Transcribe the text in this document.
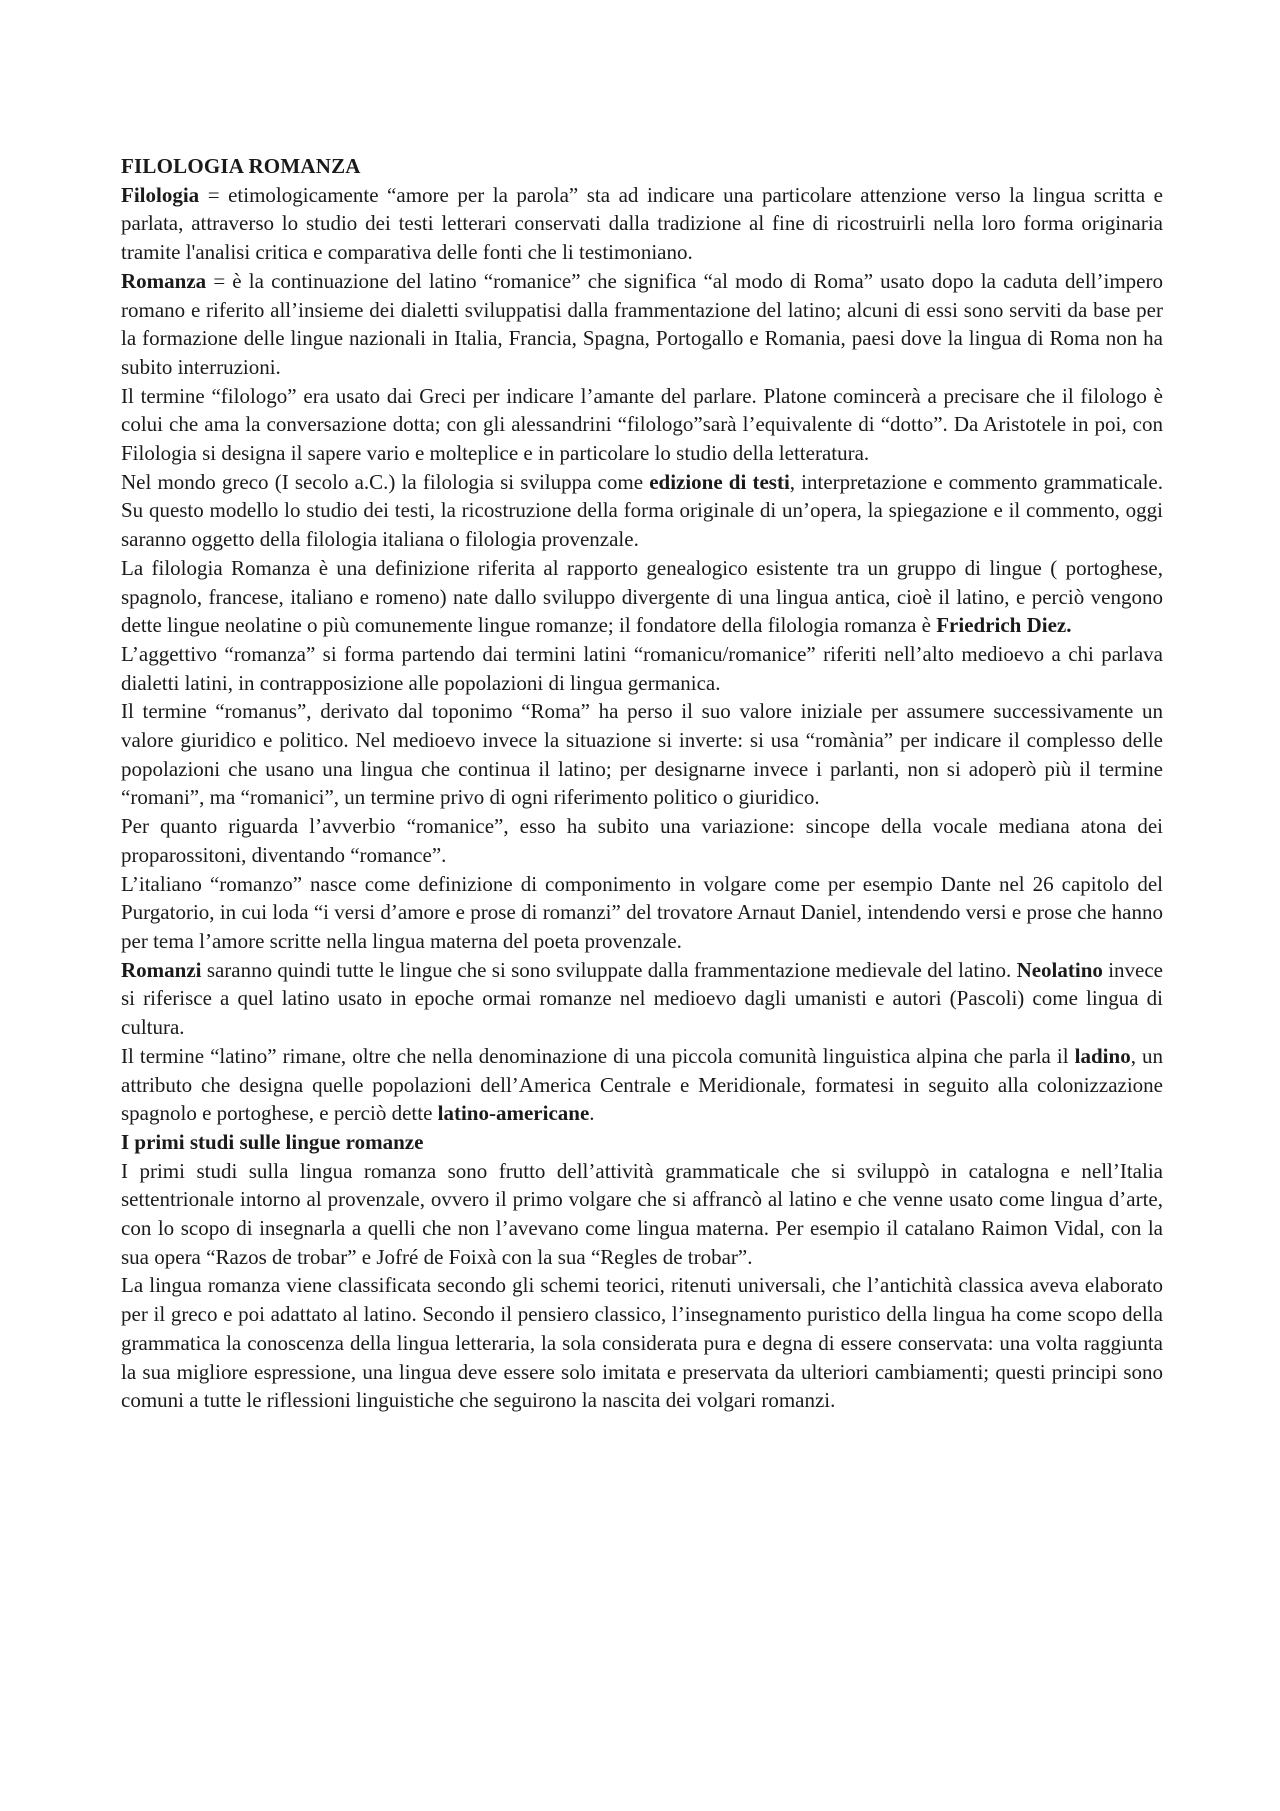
FILOLOGIA ROMANZA

Filologia = etimologicamente “amore per la parola” sta ad indicare una particolare attenzione verso la lingua scritta e parlata, attraverso lo studio dei testi letterari conservati dalla tradizione al fine di ricostruirli nella loro forma originaria tramite l'analisi critica e comparativa delle fonti che li testimoniano.

Romanza = è la continuazione del latino “romanice” che significa “al modo di Roma” usato dopo la caduta dell’impero romano e riferito all’insieme dei dialetti sviluppatisi dalla frammentazione del latino; alcuni di essi sono serviti da base per la formazione delle lingue nazionali in Italia, Francia, Spagna, Portogallo e Romania, paesi dove la lingua di Roma non ha subito interruzioni.

Il termine “filologo” era usato dai Greci per indicare l’amante del parlare. Platone comincerà a precisare che il filologo è colui che ama la conversazione dotta; con gli alessandrini “filologo”sarà l’equivalente di “dotto”. Da Aristotele in poi, con Filologia si designa il sapere vario e molteplice e in particolare lo studio della letteratura.

Nel mondo greco (I secolo a.C.) la filologia si sviluppa come edizione di testi, interpretazione e commento grammaticale. Su questo modello lo studio dei testi, la ricostruzione della forma originale di un’opera, la spiegazione e il commento, oggi saranno oggetto della filologia italiana o filologia provenzale.

La filologia Romanza è una definizione riferita al rapporto genealogico esistente tra un gruppo di lingue ( portoghese, spagnolo, francese, italiano e romeno) nate dallo sviluppo divergente di una lingua antica, cioè il latino, e perciò vengono dette lingue neolatine o più comunemente lingue romanze; il fondatore della filologia romanza è Friedrich Diez.

L’aggettivo “romanza” si forma partendo dai termini latini “romanicu/romanice” riferiti nell’alto medioevo a chi parlava dialetti latini, in contrapposizione alle popolazioni di lingua germanica.

Il termine “romanus”, derivato dal toponimo “Roma” ha perso il suo valore iniziale per assumere successivamente un valore giuridico e politico. Nel medioevo invece la situazione si inverte: si usa “romània” per indicare il complesso delle popolazioni che usano una lingua che continua il latino; per designarne invece i parlanti, non si adoperò più il termine “romani”, ma “romanici”, un termine privo di ogni riferimento politico o giuridico.

Per quanto riguarda l’avverbio “romanice”, esso ha subito una variazione: sincope della vocale mediana atona dei proparossitoni, diventando “romance”.

L’italiano “romanzo” nasce come definizione di componimento in volgare come per esempio Dante nel 26 capitolo del Purgatorio, in cui loda “i versi d’amore e prose di romanzi” del trovatore Arnaut Daniel, intendendo versi e prose che hanno per tema l’amore scritte nella lingua materna del poeta provenzale.

Romanzi saranno quindi tutte le lingue che si sono sviluppate dalla frammentazione medievale del latino. Neolatino invece si riferisce a quel latino usato in epoche ormai romanze nel medioevo dagli umanisti e autori (Pascoli) come lingua di cultura.

Il termine “latino” rimane, oltre che nella denominazione di una piccola comunità linguistica alpina che parla il ladino, un attributo che designa quelle popolazioni dell’America Centrale e Meridionale, formatesi in seguito alla colonizzazione spagnolo e portoghese, e perciò dette latino-americane.

I primi studi sulle lingue romanze

I primi studi sulla lingua romanza sono frutto dell’attività grammaticale che si sviluppò in catalogna e nell’Italia settentrionale intorno al provenzale, ovvero il primo volgare che si affrancò al latino e che venne usato come lingua d’arte, con lo scopo di insegnarla a quelli che non l’avevano come lingua materna. Per esempio il catalano Raimon Vidal, con la sua opera “Razos de trobar” e Jofré de Foixà con la sua “Regles de trobar”.

La lingua romanza viene classificata secondo gli schemi teorici, ritenuti universali, che l’antichità classica aveva elaborato per il greco e poi adattato al latino. Secondo il pensiero classico, l’insegnamento puristico della lingua ha come scopo della grammatica la conoscenza della lingua letteraria, la sola considerata pura e degna di essere conservata: una volta raggiunta la sua migliore espressione, una lingua deve essere solo imitata e preservata da ulteriori cambiamenti; questi principi sono comuni a tutte le riflessioni linguistiche che seguirono la nascita dei volgari romanzi.
